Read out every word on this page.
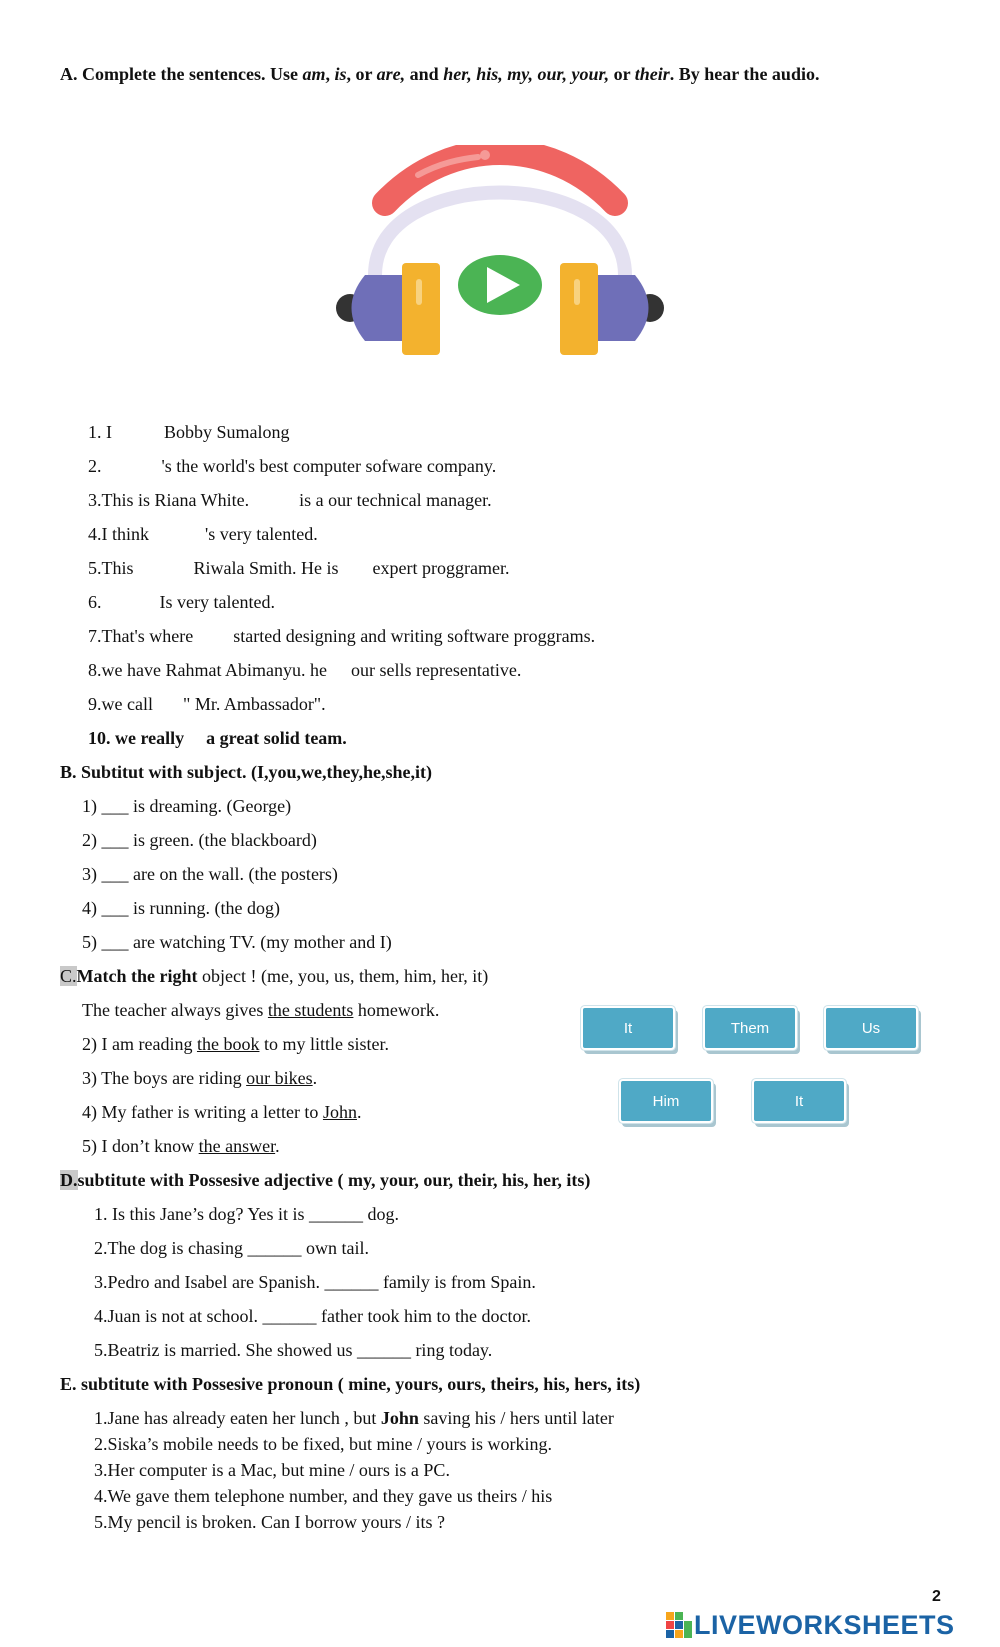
A. Complete the sentences. Use am, is, or are, and her, his, my, our, your, or their. By hear the audio.
1. I	Bobby Sumalong
2.	's the world's best computer sofware company.
3.This is Riana White.	is a our technical manager.
4.I think	's very talented.
5.This	Riwala Smith. He is expert proggramer.
6.	Is very talented.
7.That's where started designing and writing software proggrams.
8.we have Rahmat Abimanyu. he our sells representative.
9.we call " Mr. Ambassador".
10. we really a great solid team.
B. Subtitut with subject. (I,you,we,they,he,she,it)
1) ___ is dreaming. (George)
2) ___ is green. (the blackboard)
3) ___ are on the wall. (the posters)
4) ___ is running. (the dog)
5) ___ are watching TV. (my mother and I)
C.Match the right object ! (me, you, us, them, him, her, it)
The teacher always gives the students homework.
2) I am reading the book to my little sister.
3) The boys are riding our bikes.
4) My father is writing a letter to John.
5) I don’t know the answer.
It	Them	Us
Him	It
D.subtitute with Possesive adjective ( my, your, our, their, his, her, its)
1. Is this Jane’s dog? Yes it is ______ dog.
2.The dog is chasing ______ own tail.
3.Pedro and Isabel are Spanish. ______ family is from Spain.
4.Juan is not at school. ______ father took him to the doctor.
5.Beatriz is married. She showed us ______ ring today.
E. subtitute with Possesive pronoun ( mine, yours, ours, theirs, his, hers, its)
1.Jane has already eaten her lunch , but John saving his / hers until later
2.Siska’s mobile needs to be fixed, but mine / yours is working.
3.Her computer is a Mac, but mine / ours is a PC.
4.We gave them telephone number, and they gave us theirs / his
5.My pencil is broken. Can I borrow yours / its ?
2
LIVEWORKSHEETS
